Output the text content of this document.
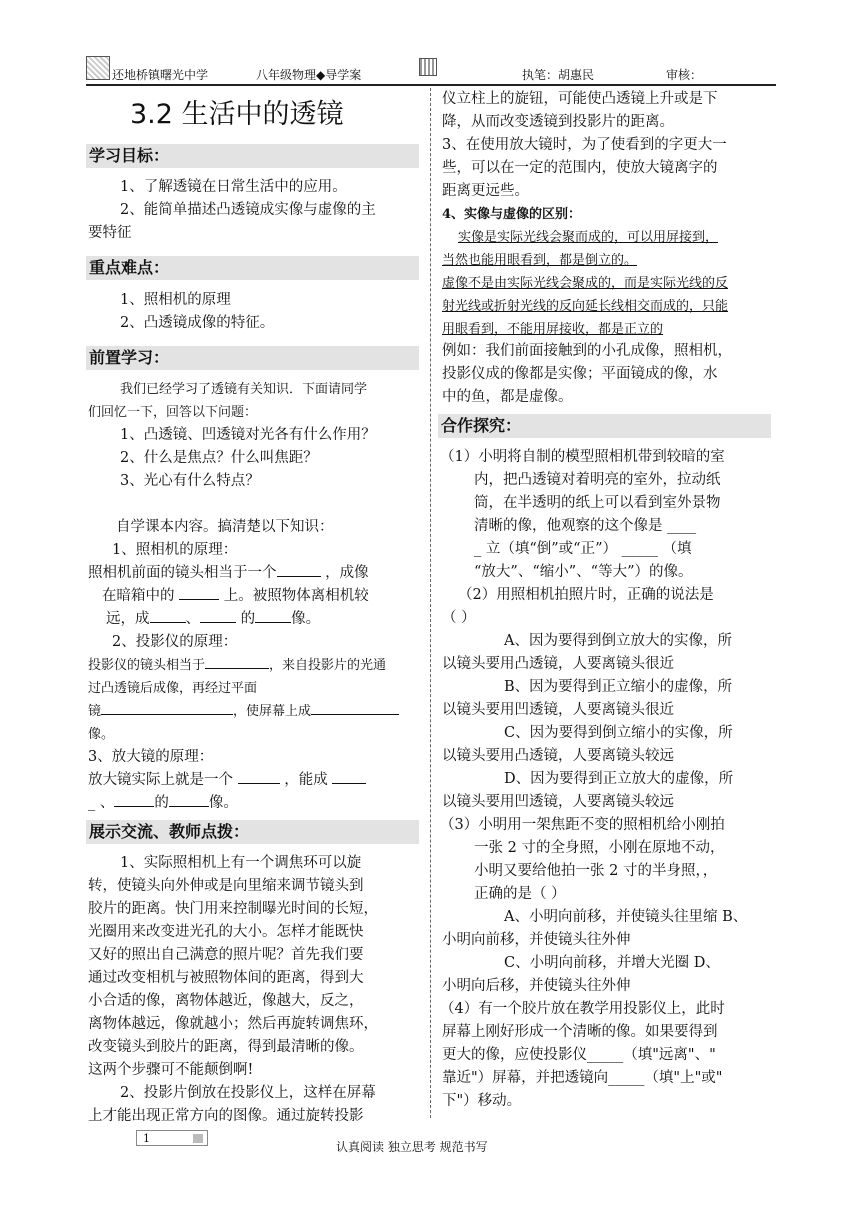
还地桥镇曙光中学	八年级物理◆导学案	执笔：胡惠民	审核：
3.2 生活中的透镜
学习目标：
1、了解透镜在日常生活中的应用。
2、能简单描述凸透镜成实像与虚像的主
要特征
重点难点：
1、照相机的原理
2、凸透镜成像的特征。
前置学习：
我们已经学习了透镜有关知识．下面请同学
们回忆一下，回答以下问题：
1、凸透镜、凹透镜对光各有什么作用？
2、什么是焦点？什么叫焦距？
3、光心有什么特点？
自学课本内容。搞清楚以下知识：
1、照相机的原理：
照相机前面的镜头相当于一个	，成像
在暗箱中的	上。被照物体离相机较
远，成 、	的 像。
2、投影仪的原理：
投影仪的镜头相当于	，来自投影片的光通
过凸透镜后成像，再经过平面
镜	，使屏幕上成
像。
3、放大镜的原理：
放大镜实际上就是一个	，能成
_ 、	的	像。
展示交流、教师点拨：
1、实际照相机上有一个调焦环可以旋
转，使镜头向外伸或是向里缩来调节镜头到
胶片的距离。快门用来控制曝光时间的长短，
光圈用来改变进光孔的大小。怎样才能既快
又好的照出自己满意的照片呢？首先我们要
通过改变相机与被照物体间的距离，得到大
小合适的像，离物体越近，像越大，反之，
离物体越远，像就越小；然后再旋转调焦环，
改变镜头到胶片的距离，得到最清晰的像。
这两个步骤可不能颠倒啊!
2、投影片倒放在投影仪上，这样在屏幕
上才能出现正常方向的图像。通过旋转投影
仪立柱上的旋钮，可能使凸透镜上升或是下
降，从而改变透镜到投影片的距离。
3、在使用放大镜时，为了使看到的字更大一
些，可以在一定的范围内，使放大镜离字的
距离更远些。
4、实像与虚像的区别：
实像是实际光线会聚而成的，可以用屏接到，
当然也能用眼看到，都是倒立的。
虚像不是由实际光线会聚成的，而是实际光线的反
射光线或折射光线的反向延长线相交而成的，只能
用眼看到，不能用屏接收，都是正立的
例如：我们前面接触到的小孔成像，照相机，
投影仪成的像都是实像；平面镜成的像，水
中的鱼，都是虚像。
合作探究：
（1）小明将自制的模型照相机带到较暗的室
内，把凸透镜对着明亮的室外，拉动纸
筒，在半透明的纸上可以看到室外景物
清晰的像，他观察的这个像是 ____
_ 立（填“倒”或“正”） _____ （填
“放大”、“缩小”、“等大”）的像。
（2）用照相机拍照片时，正确的说法是
（ ）
A、因为要得到倒立放大的实像，所
以镜头要用凸透镜，人要离镜头很近
B、因为要得到正立缩小的虚像，所
以镜头要用凹透镜，人要离镜头很近
C、因为要得到倒立缩小的实像，所
以镜头要用凸透镜，人要离镜头较远
D、因为要得到正立放大的虚像，所
以镜头要用凹透镜，人要离镜头较远
（3）小明用一架焦距不变的照相机给小刚拍
一张 2 寸的全身照，小刚在原地不动，
小明又要给他拍一张 2 寸的半身照，，
正确的是（ ）
A、小明向前移，并使镜头往里缩 B、
小明向前移，并使镜头往外伸
C、小明向前移，并增大光圈 D、
小明向后移，并使镜头往外伸
（4）有一个胶片放在教学用投影仪上，此时
屏幕上刚好形成一个清晰的像。如果要得到
更大的像，应使投影仪_____（填"远离"、"
靠近"）屏幕，并把透镜向_____（填"上"或"
下"）移动。
1
认真阅读 独立思考 规范书写
